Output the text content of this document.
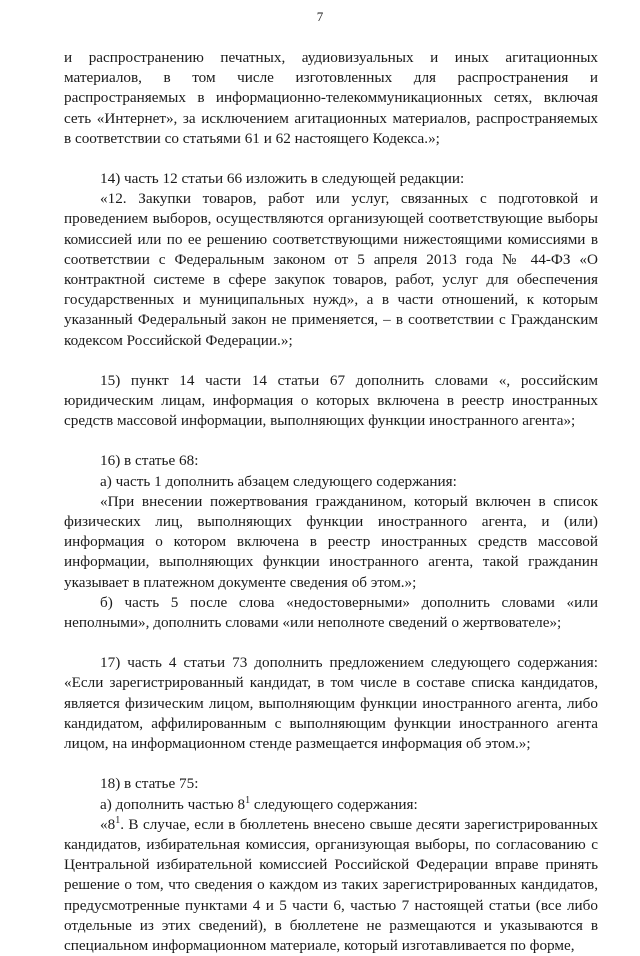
7

и распространению печатных, аудиовизуальных и иных агитационных материалов, в том числе изготовленных для распространения и распространяемых в информационно-телекоммуникационных сетях, включая сеть «Интернет», за исключением агитационных материалов, распространяемых в соответствии со статьями 61 и 62 настоящего Кодекса.»;

14) часть 12 статьи 66 изложить в следующей редакции:

«12. Закупки товаров, работ или услуг, связанных с подготовкой и проведением выборов, осуществляются организующей соответствующие выборы комиссией или по ее решению соответствующими нижестоящими комиссиями в соответствии с Федеральным законом от 5 апреля 2013 года № 44-ФЗ «О контрактной системе в сфере закупок товаров, работ, услуг для обеспечения государственных и муниципальных нужд», а в части отношений, к которым указанный Федеральный закон не применяется, – в соответствии с Гражданским кодексом Российской Федерации.»;

15) пункт 14 части 14 статьи 67 дополнить словами «, российским юридическим лицам, информация о которых включена в реестр иностранных средств массовой информации, выполняющих функции иностранного агента»;

16) в статье 68:

а) часть 1 дополнить абзацем следующего содержания:

«При внесении пожертвования гражданином, который включен в список физических лиц, выполняющих функции иностранного агента, и (или) информация о котором включена в реестр иностранных средств массовой информации, выполняющих функции иностранного агента, такой гражданин указывает в платежном документе сведения об этом.»;

б) часть 5 после слова «недостоверными» дополнить словами «или неполными», дополнить словами «или неполноте сведений о жертвователе»;

17) часть 4 статьи 73 дополнить предложением следующего содержания: «Если зарегистрированный кандидат, в том числе в составе списка кандидатов, является физическим лицом, выполняющим функции иностранного агента, либо кандидатом, аффилированным с выполняющим функции иностранного агента лицом, на информационном стенде размещается информация об этом.»;

18) в статье 75:

а) дополнить частью $8^1$ следующего содержания:

«$8^1$. В случае, если в бюллетень внесено свыше десяти зарегистрированных кандидатов, избирательная комиссия, организующая выборы, по согласованию с Центральной избирательной комиссией Российской Федерации вправе принять решение о том, что сведения о каждом из таких зарегистрированных кандидатов, предусмотренные пунктами 4 и 5 части 6, частью 7 настоящей статьи (все либо отдельные из этих сведений), в бюллетене не размещаются и указываются в специальном информационном материале, который изготавливается по форме,
